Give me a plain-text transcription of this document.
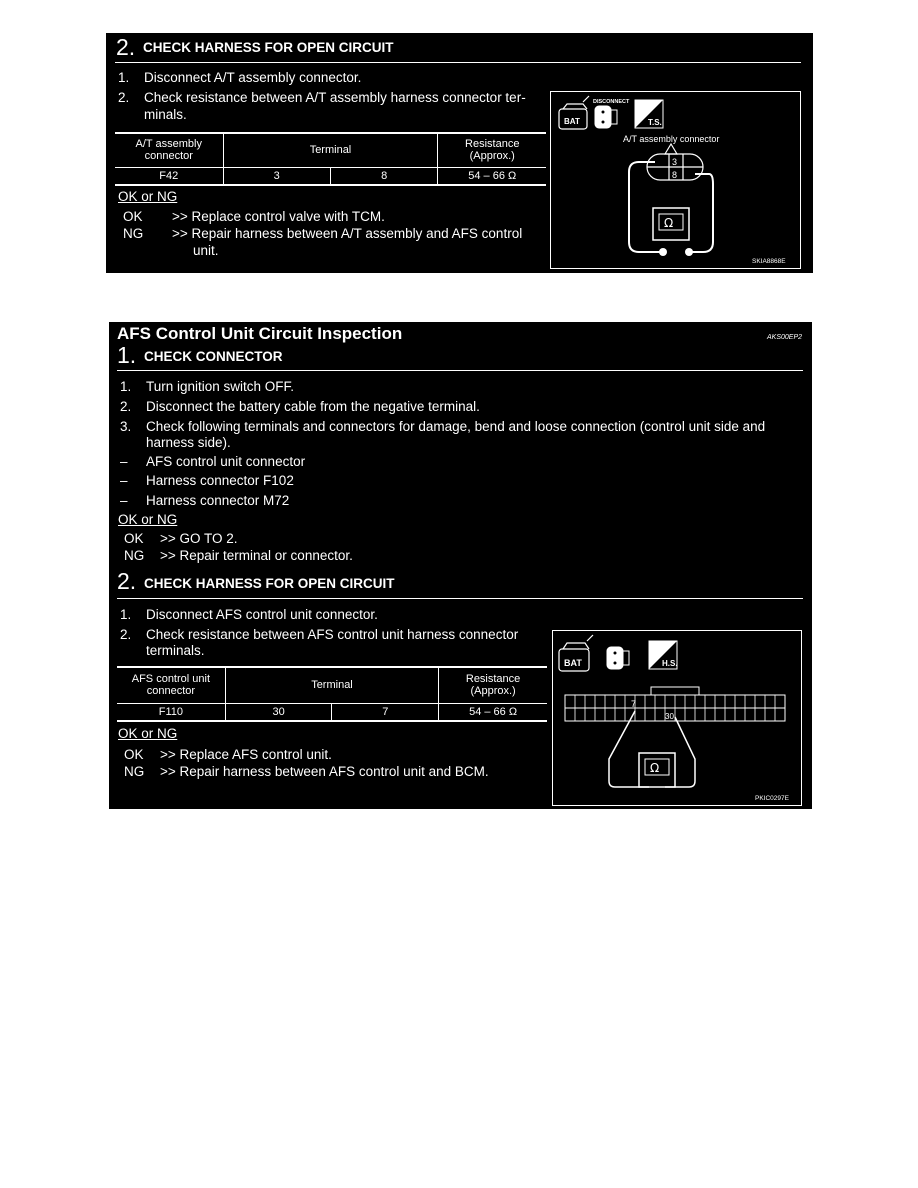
2. CHECK HARNESS FOR OPEN CIRCUIT
1. Disconnect A/T assembly connector.
2. Check resistance between A/T assembly harness connector ter-
minals.
A/T assembly
connector	Terminal		Resistance
(Approx.)
F42	3	8	54 – 66 Ω
OK or NG
OK >> Replace control valve with TCM.
NG >> Repair harness between A/T assembly and AFS control
unit.
BAT
DISCONNECT
T.S.
A/T assembly connector
3
8
Ω
SKIA8868E
AFS Control Unit Circuit Inspection	AKS00EP2
1. CHECK CONNECTOR
1. Turn ignition switch OFF.
2. Disconnect the battery cable from the negative terminal.
3. Check following terminals and connectors for damage, bend and loose connection (control unit side and
harness side).
– AFS control unit connector
– Harness connector F102
– Harness connector M72
OK or NG
OK >> GO TO 2.
NG >> Repair terminal or connector.
2. CHECK HARNESS FOR OPEN CIRCUIT
1. Disconnect AFS control unit connector.
2. Check resistance between AFS control unit harness connector
terminals.
AFS control unit
connector	Terminal		Resistance
(Approx.)
F110	30	7	54 – 66 Ω
OK or NG
OK >> Replace AFS control unit.
NG >> Repair harness between AFS control unit and BCM.
BAT	H.S.
7
30
Ω
PKIC0297E
